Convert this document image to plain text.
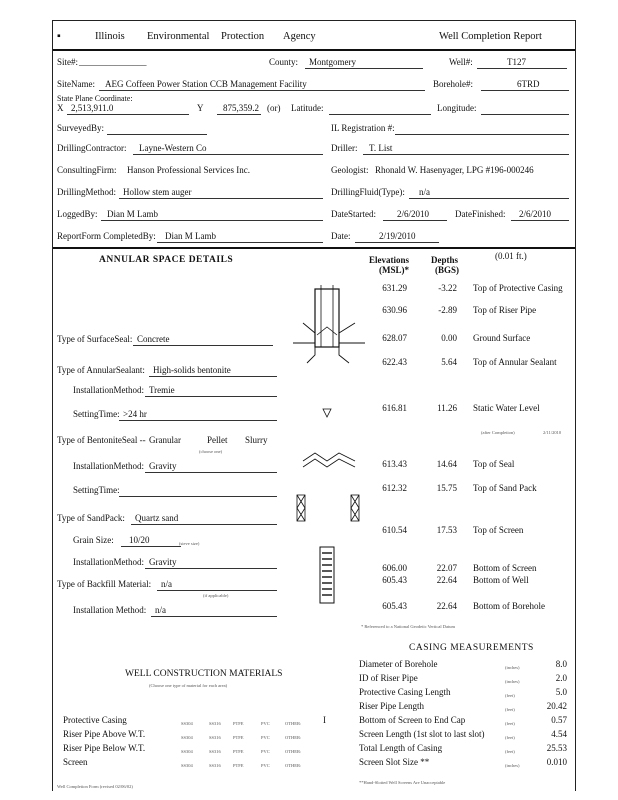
▪	Illinois Environmental Protection Agency	Well Completion Report
Site#: _______________	County: Montgomery	Well#:	T127
SiteName: AEG Coffeen Power Station CCB Management Facility	Borehole#:	6TRD
State Plane Coordinate:
X 2,513,911.0	Y 875,359.2 (or) Latitude:	Longitude:
SurveyedBy:	IL Registration #:
DrillingContractor: Layne-Western Co	Driller: T. List
ConsultingFirm: Hanson Professional Services Inc.	Geologist: Rhonald W. Hasenyager, LPG #196-000246
DrillingMethod: Hollow stem auger	DrillingFluid(Type): n/a
LoggedBy: Dian M Lamb	DateStarted: 2/6/2010	DateFinished: 2/6/2010
ReportForm CompletedBy: Dian M Lamb	Date:	2/19/2010
ANNULAR SPACE DETAILS	Elevations
(MSL)*
Depths
(BGS)
(0.01 ft.)
631.29	-3.22 Top of Protective Casing
630.96	-2.89 Top of Riser Pipe
628.07	0.00 Ground Surface
622.43	5.64 Top of Annular Sealant
616.81	11.26 Static Water Level
613.43	14.64 Top of Seal
612.32	15.75 Top of Sand Pack
610.54	17.53 Top of Screen
606.00	22.07 Bottom of Screen
605.43	22.64 Bottom of Well
605.43	22.64 Bottom of Borehole
Type of SurfaceSeal: Concrete
Type of AnnularSealant: High-solids bentonite
InstallationMethod: Tremie
SettingTime: >24 hr
Type of BentoniteSeal -- Granular	Pellet Slurry
(choose one)
InstallationMethod: Gravity
SettingTime:
Type of SandPack: Quartz sand
Grain Size: 10/20	(sieve size)
InstallationMethod: Gravity
Type of Backfill Material: n/a
(if applicable)
Installation Method: n/a
(after Completion)	2/11/2010
* Referenced to a National Geodetic Vertical Datum
CASING MEASUREMENTS
Diameter of Borehole	(inches)	8.0
ID of Riser Pipe	(inches)	2.0
Protective Casing Length	(feet)	5.0
Riser Pipe Length	(feet)	20.42
Bottom of Screen to End Cap	(feet)	0.57
Screen Length (1st slot to last slot)	(feet)	4.54
Total Length of Casing	(feet)	25.53
Screen Slot Size **	(inches)	0.010
**Hand-Slotted Well Screens Are Unacceptable
WELL CONSTRUCTION MATERIALS
(Choose one type of material for each area)
Protective Casing	SS304	SS316	PTFE	PVC	OTHER:
Riser Pipe Above W.T.	SS304	SS316	PTFE	PVC	OTHER:
Riser Pipe Below W.T.	SS304	SS316	PTFE	PVC	OTHER:
Screen	SS304	SS316	PTFE	PVC	OTHER:
I
Well Completion Form (revised 02/06/02)
